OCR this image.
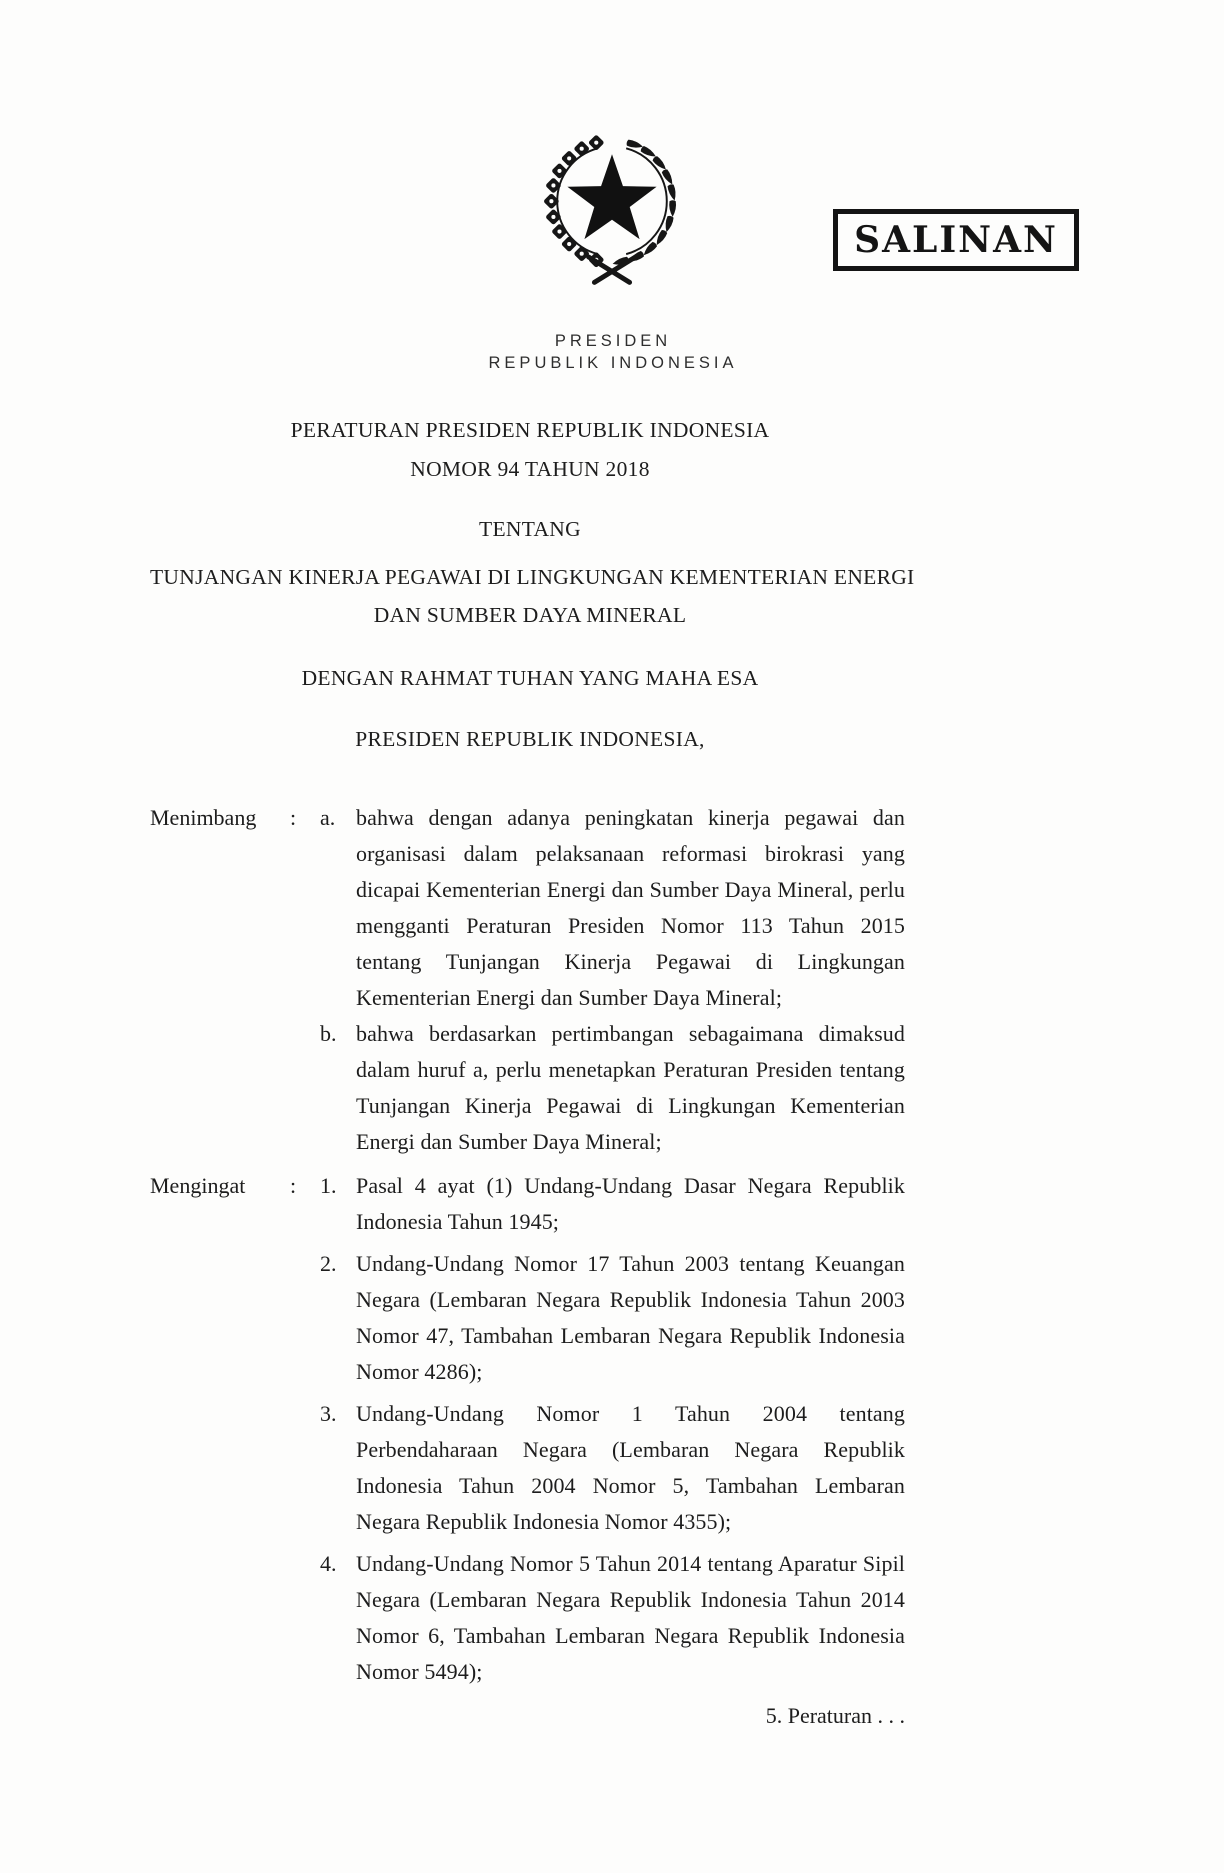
SALINAN
PRESIDEN
REPUBLIK INDONESIA
PERATURAN PRESIDEN REPUBLIK INDONESIA
NOMOR 94 TAHUN 2018
TENTANG
TUNJANGAN KINERJA PEGAWAI DI LINGKUNGAN KEMENTERIAN ENERGI
DAN SUMBER DAYA MINERAL
DENGAN RAHMAT TUHAN YANG MAHA ESA
PRESIDEN REPUBLIK INDONESIA,
Menimbang	:	a. bahwa dengan adanya peningkatan kinerja pegawai dan organisasi dalam pelaksanaan reformasi birokrasi yang dicapai Kementerian Energi dan Sumber Daya Mineral, perlu mengganti Peraturan Presiden Nomor 113 Tahun 2015 tentang Tunjangan Kinerja Pegawai di Lingkungan Kementerian Energi dan Sumber Daya Mineral;
b. bahwa berdasarkan pertimbangan sebagaimana dimaksud dalam huruf a, perlu menetapkan Peraturan Presiden tentang Tunjangan Kinerja Pegawai di Lingkungan Kementerian Energi dan Sumber Daya Mineral;
Mengingat	:	1. Pasal 4 ayat (1) Undang-Undang Dasar Negara Republik Indonesia Tahun 1945;
2. Undang-Undang Nomor 17 Tahun 2003 tentang Keuangan Negara (Lembaran Negara Republik Indonesia Tahun 2003 Nomor 47, Tambahan Lembaran Negara Republik Indonesia Nomor 4286);
3. Undang-Undang Nomor 1 Tahun 2004 tentang Perbendaharaan Negara (Lembaran Negara Republik Indonesia Tahun 2004 Nomor 5, Tambahan Lembaran Negara Republik Indonesia Nomor 4355);
4. Undang-Undang Nomor 5 Tahun 2014 tentang Aparatur Sipil Negara (Lembaran Negara Republik Indonesia Tahun 2014 Nomor 6, Tambahan Lembaran Negara Republik Indonesia Nomor 5494);
5. Peraturan . . .
